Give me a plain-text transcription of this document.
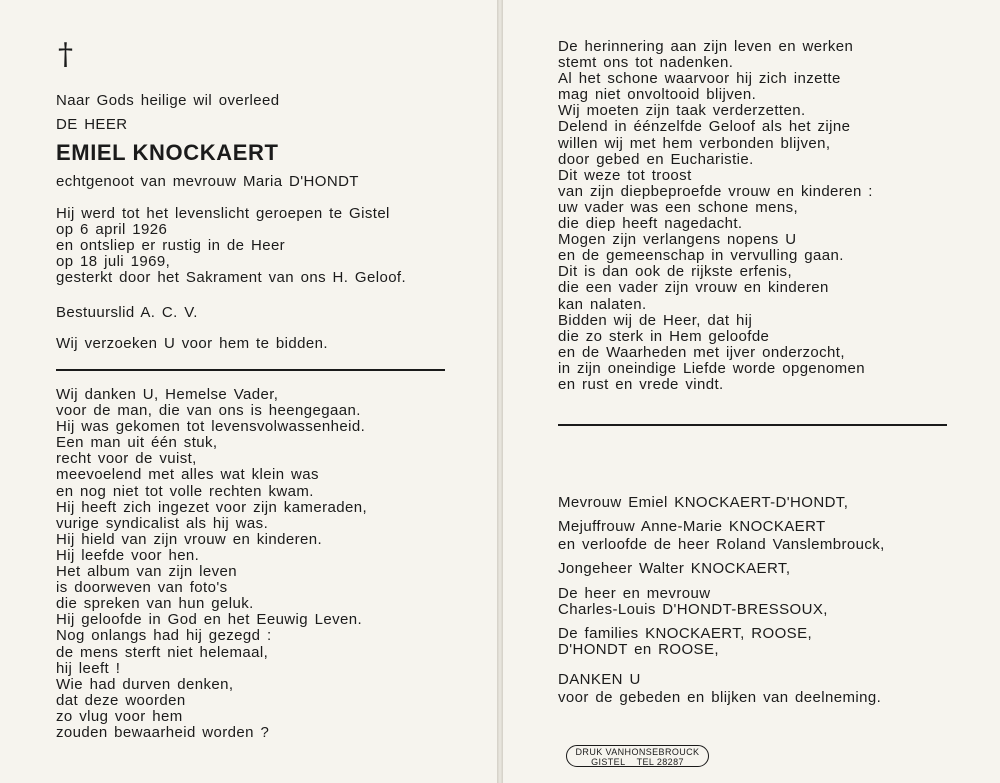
†
Naar Gods heilige wil overleed
DE HEER
EMIEL KNOCKAERT
echtgenoot van mevrouw Maria D'HONDT
Hij werd tot het levenslicht geroepen te Gistel
op 6 april 1926
en ontsliep er rustig in de Heer
op 18 juli 1969,
gesterkt door het Sakrament van ons H. Geloof.
Bestuurslid A. C. V.
Wij verzoeken U voor hem te bidden.
Wij danken U, Hemelse Vader,
voor de man, die van ons is heengegaan.
Hij was gekomen tot levensvolwassenheid.
Een man uit één stuk,
recht voor de vuist,
meevoelend met alles wat klein was
en nog niet tot volle rechten kwam.
Hij heeft zich ingezet voor zijn kameraden,
vurige syndicalist als hij was.
Hij hield van zijn vrouw en kinderen.
Hij leefde voor hen.
Het album van zijn leven
is doorweven van foto's
die spreken van hun geluk.
Hij geloofde in God en het Eeuwig Leven.
Nog onlangs had hij gezegd :
de mens sterft niet helemaal,
hij leeft !
Wie had durven denken,
dat deze woorden
zo vlug voor hem
zouden bewaarheid worden ?
De herinnering aan zijn leven en werken
stemt ons tot nadenken.
Al het schone waarvoor hij zich inzette
mag niet onvoltooid blijven.
Wij moeten zijn taak verderzetten.
Delend in éénzelfde Geloof als het zijne
willen wij met hem verbonden blijven,
door gebed en Eucharistie.
Dit weze tot troost
van zijn diepbeproefde vrouw en kinderen :
uw vader was een schone mens,
die diep heeft nagedacht.
Mogen zijn verlangens nopens U
en de gemeenschap in vervulling gaan.
Dit is dan ook de rijkste erfenis,
die een vader zijn vrouw en kinderen
kan nalaten.
Bidden wij de Heer, dat hij
die zo sterk in Hem geloofde
en de Waarheden met ijver onderzocht,
in zijn oneindige Liefde worde opgenomen
en rust en vrede vindt.
Mevrouw Emiel KNOCKAERT-D'HONDT,
Mejuffrouw Anne-Marie KNOCKAERT
en verloofde de heer Roland Vanslembrouck,
Jongeheer Walter KNOCKAERT,
De heer en mevrouw
Charles-Louis D'HONDT-BRESSOUX,
De families KNOCKAERT, ROOSE,
D'HONDT en ROOSE,
DANKEN U
voor de gebeden en blijken van deelneming.
DRUK VANHONSEBROUCK
GISTEL    TEL 28287
